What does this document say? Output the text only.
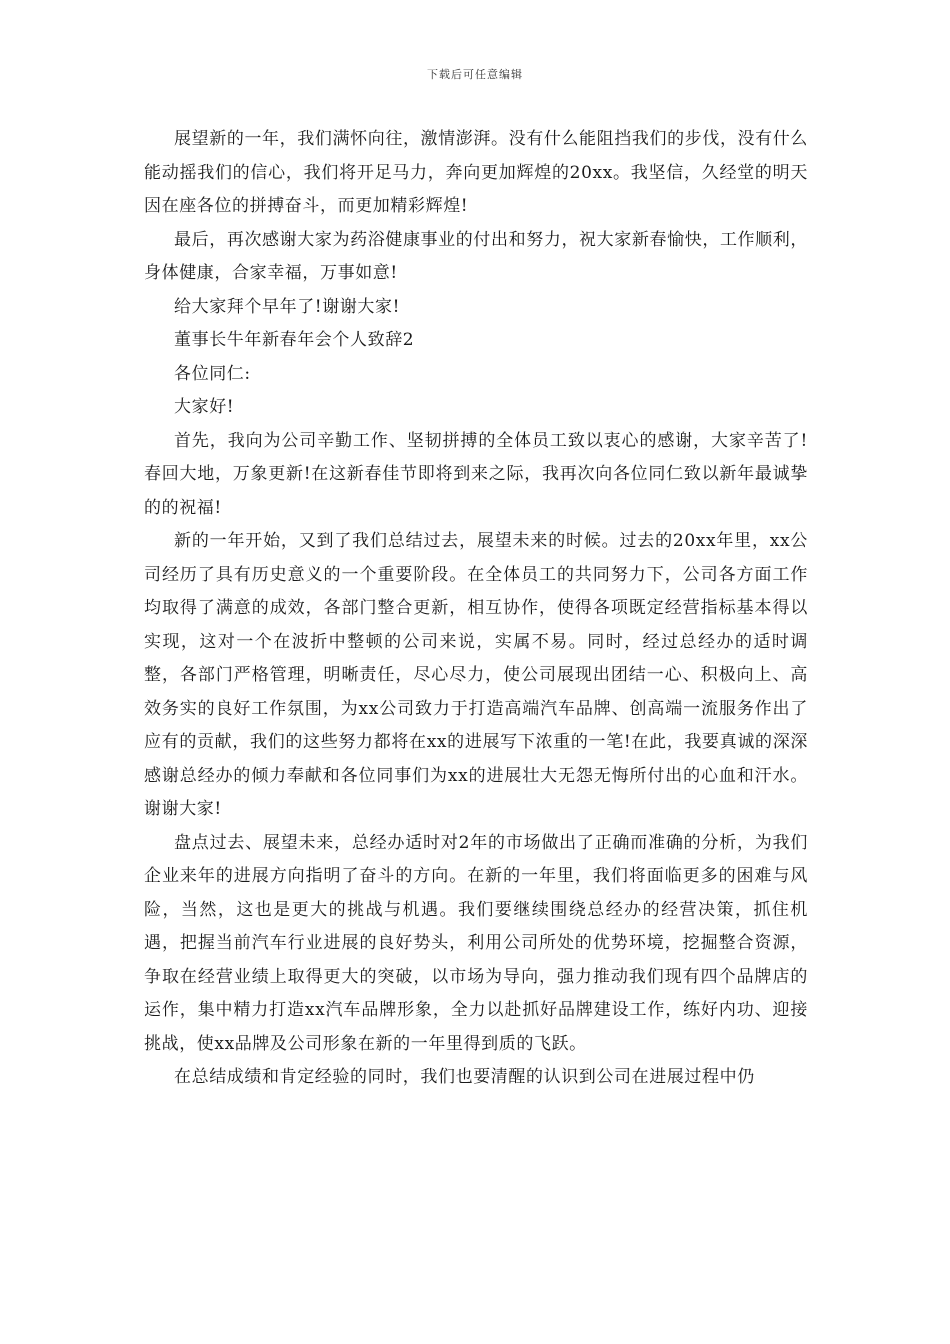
下载后可任意编辑

展望新的一年，我们满怀向往，激情澎湃。没有什么能阻挡我们的步伐，没有什么能动摇我们的信心，我们将开足马力，奔向更加辉煌的20xx。我坚信，久经堂的明天因在座各位的拼搏奋斗，而更加精彩辉煌!

最后，再次感谢大家为药浴健康事业的付出和努力，祝大家新春愉快，工作顺利，身体健康，合家幸福，万事如意!

给大家拜个早年了!谢谢大家!

董事长牛年新春年会个人致辞2

各位同仁:

大家好!

首先，我向为公司辛勤工作、坚韧拼搏的全体员工致以衷心的感谢，大家辛苦了!春回大地，万象更新!在这新春佳节即将到来之际，我再次向各位同仁致以新年最诚挚的的祝福!

新的一年开始，又到了我们总结过去，展望未来的时候。过去的20xx年里，xx公司经历了具有历史意义的一个重要阶段。在全体员工的共同努力下，公司各方面工作均取得了满意的成效，各部门整合更新，相互协作，使得各项既定经营指标基本得以实现，这对一个在波折中整顿的公司来说，实属不易。同时，经过总经办的适时调整，各部门严格管理，明晰责任，尽心尽力，使公司展现出团结一心、积极向上、高效务实的良好工作氛围，为xx公司致力于打造高端汽车品牌、创高端一流服务作出了应有的贡献，我们的这些努力都将在xx的进展写下浓重的一笔!在此，我要真诚的深深感谢总经办的倾力奉献和各位同事们为xx的进展壮大无怨无悔所付出的心血和汗水。谢谢大家!

盘点过去、展望未来，总经办适时对2年的市场做出了正确而准确的分析，为我们企业来年的进展方向指明了奋斗的方向。在新的一年里，我们将面临更多的困难与风险，当然，这也是更大的挑战与机遇。我们要继续围绕总经办的经营决策，抓住机遇，把握当前汽车行业进展的良好势头，利用公司所处的优势环境，挖掘整合资源，争取在经营业绩上取得更大的突破，以市场为导向，强力推动我们现有四个品牌店的运作，集中精力打造xx汽车品牌形象，全力以赴抓好品牌建设工作，练好内功、迎接挑战，使xx品牌及公司形象在新的一年里得到质的飞跃。

在总结成绩和肯定经验的同时，我们也要清醒的认识到公司在进展过程中仍
